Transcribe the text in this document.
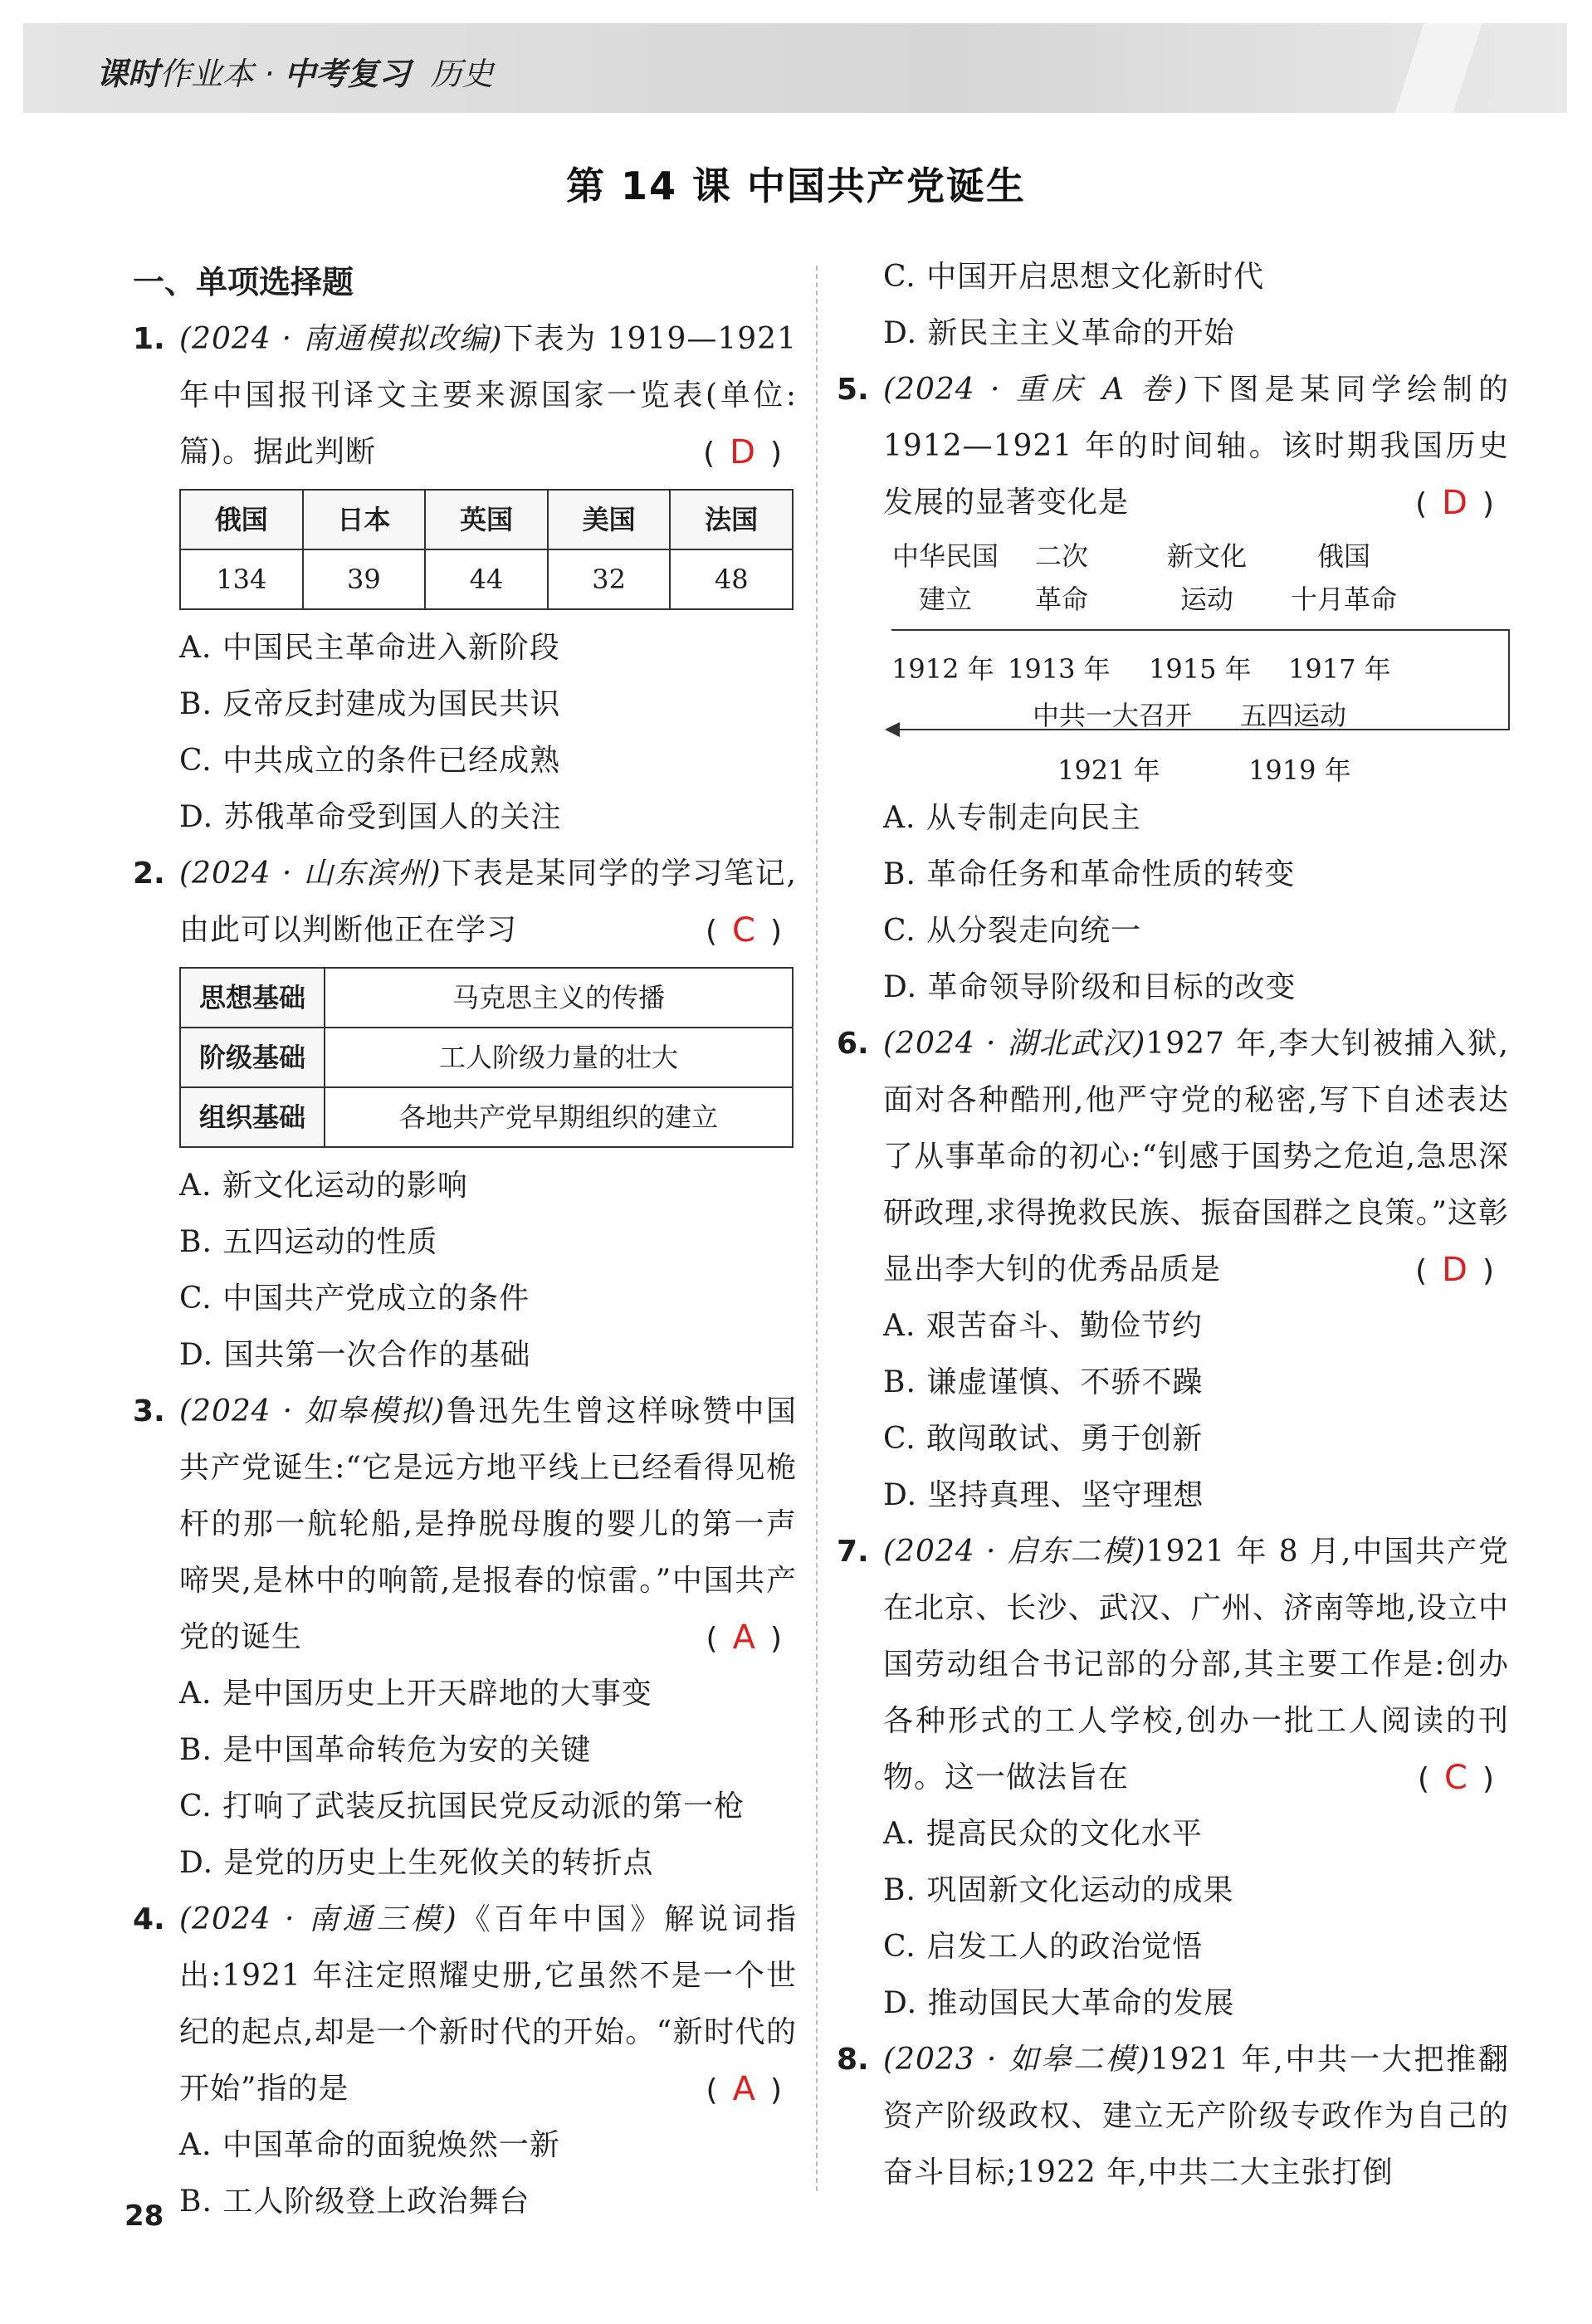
课时作业本 · 中考复习 历史
第 14 课 中国共产党诞生
一、单项选择题
1. (2024 · 南通模拟改编)下表为 1919—1921 年中国报刊译文主要来源国家一览表(单位:篇)。据此判断	(D)
俄国	日本	英国	美国	法国
134	39	44	32	48
A. 中国民主革命进入新阶段
B. 反帝反封建成为国民共识
C. 中共成立的条件已经成熟
D. 苏俄革命受到国人的关注
2. (2024 · 山东滨州)下表是某同学的学习笔记,由此可以判断他正在学习	(C)
思想基础	马克思主义的传播
阶级基础	工人阶级力量的壮大
组织基础	各地共产党早期组织的建立
A. 新文化运动的影响
B. 五四运动的性质
C. 中国共产党成立的条件
D. 国共第一次合作的基础
3. (2024 · 如皋模拟)鲁迅先生曾这样咏赞中国共产党诞生:“它是远方地平线上已经看得见桅杆的那一航轮船,是挣脱母腹的婴儿的第一声啼哭,是林中的响箭,是报春的惊雷。”中国共产党的诞生	(A)
A. 是中国历史上开天辟地的大事变
B. 是中国革命转危为安的关键
C. 打响了武装反抗国民党反动派的第一枪
D. 是党的历史上生死攸关的转折点
4. (2024 · 南通三模)《百年中国》解说词指出:1921 年注定照耀史册,它虽然不是一个世纪的起点,却是一个新时代的开始。“新时代的开始”指的是	(A)
A. 中国革命的面貌焕然一新
B. 工人阶级登上政治舞台
C. 中国开启思想文化新时代
D. 新民主主义革命的开始
5. (2024 · 重庆 A 卷)下图是某同学绘制的 1912—1921 年的时间轴。该时期我国历史发展的显著变化是	(D)
中华民国
建立
二次
革命
新文化
运动
俄国
十月革命
1912 年 1913 年 1915 年 1917 年
中共一大召开 五四运动
1921 年	1919 年
A. 从专制走向民主
B. 革命任务和革命性质的转变
C. 从分裂走向统一
D. 革命领导阶级和目标的改变
6. (2024 · 湖北武汉)1927 年,李大钊被捕入狱,面对各种酷刑,他严守党的秘密,写下自述表达了从事革命的初心:“钊感于国势之危迫,急思深研政理,求得挽救民族、振奋国群之良策。”这彰显出李大钊的优秀品质是	(D)
A. 艰苦奋斗、勤俭节约
B. 谦虚谨慎、不骄不躁
C. 敢闯敢试、勇于创新
D. 坚持真理、坚守理想
7. (2024 · 启东二模)1921 年 8 月,中国共产党在北京、长沙、武汉、广州、济南等地,设立中国劳动组合书记部的分部,其主要工作是:创办各种形式的工人学校,创办一批工人阅读的刊物。这一做法旨在	(C)
A. 提高民众的文化水平
B. 巩固新文化运动的成果
C. 启发工人的政治觉悟
D. 推动国民大革命的发展
8. (2023 · 如皋二模)1921 年,中共一大把推翻资产阶级政权、建立无产阶级专政作为自己的奋斗目标;1922 年,中共二大主张打倒
28
